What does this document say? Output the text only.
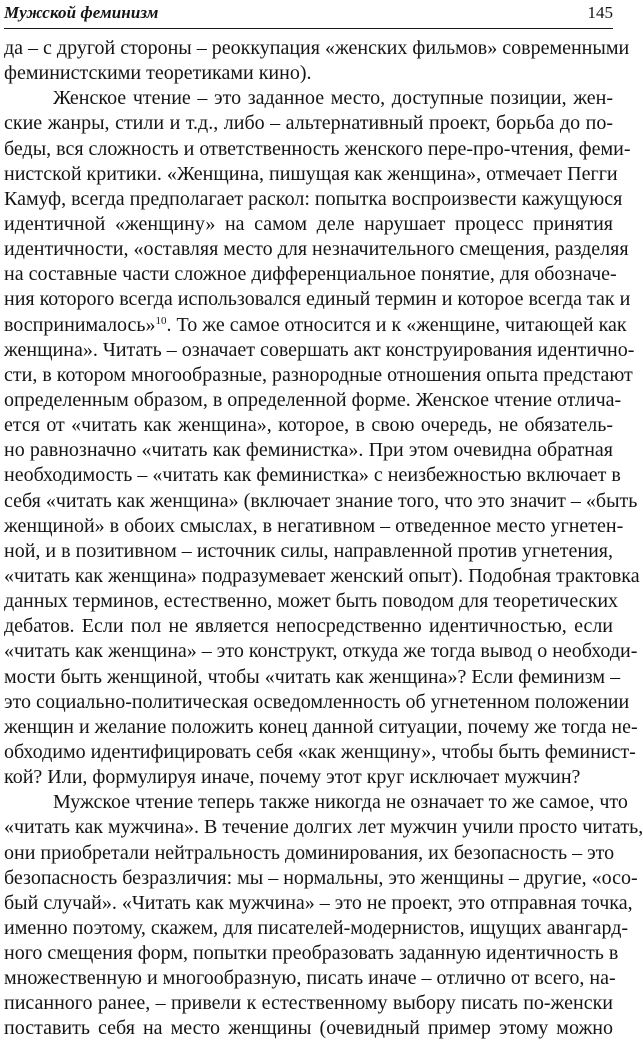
Мужской феминизм	145
да – с другой стороны – реоккупация «женских фильмов» современными
феминистскими теоретиками кино).
Женское чтение – это заданное место, доступные позиции, жен-
ские жанры, стили и т.д., либо – альтернативный проект, борьба до по-
беды, вся сложность и ответственность женского пере-про-чтения, феми-
нистской критики. «Женщина, пишущая как женщина», отмечает Пегги
Камуф, всегда предполагает раскол: попытка воспроизвести кажущуюся
идентичной «женщину» на самом деле нарушает процесс принятия
идентичности, «оставляя место для незначительного смещения, разделяя
на составные части сложное дифференциальное понятие, для обозначе-
ния которого всегда использовался единый термин и которое всегда так и
воспринималось»$^{10}$. То же самое относится и к «женщине, читающей как
женщина». Читать – означает совершать акт конструирования идентично-
сти, в котором многообразные, разнородные отношения опыта предстают
определенным образом, в определенной форме. Женское чтение отлича-
ется от «читать как женщина», которое, в свою очередь, не обязатель-
но равнозначно «читать как феминистка». При этом очевидна обратная
необходимость – «читать как феминистка» с неизбежностью включает в
себя «читать как женщина» (включает знание того, что это значит – «быть
женщиной» в обоих смыслах, в негативном – отведенное место угнетен-
ной, и в позитивном – источник силы, направленной против угнетения,
«читать как женщина» подразумевает женский опыт). Подобная трактовка
данных терминов, естественно, может быть поводом для теоретических
дебатов. Если пол не является непосредственно идентичностью, если
«читать как женщина» – это конструкт, откуда же тогда вывод о необходи-
мости быть женщиной, чтобы «читать как женщина»? Если феминизм –
это социально-политическая осведомленность об угнетенном положении
женщин и желание положить конец данной ситуации, почему же тогда не-
обходимо идентифицировать себя «как женщину», чтобы быть феминист-
кой? Или, формулируя иначе, почему этот круг исключает мужчин?
Мужское чтение теперь также никогда не означает то же самое, что
«читать как мужчина». В течение долгих лет мужчин учили просто читать,
они приобретали нейтральность доминирования, их безопасность – это
безопасность безразличия: мы – нормальны, это женщины – другие, «осо-
бый случай». «Читать как мужчина» – это не проект, это отправная точка,
именно поэтому, скажем, для писателей-модернистов, ищущих авангард-
ного смещения форм, попытки преобразовать заданную идентичность в
множественную и многообразную, писать иначе – отлично от всего, на-
писанного ранее, – привели к естественному выбору писать по-женски
поставить себя на место женщины (очевидный пример этому можно
